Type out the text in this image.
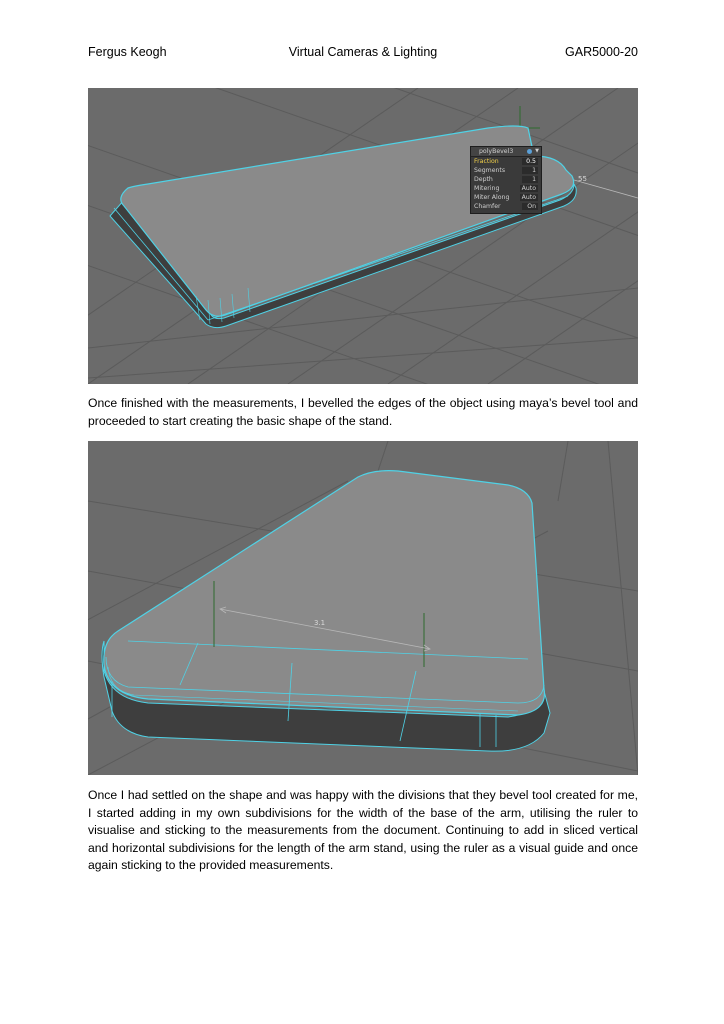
Fergus Keogh	Virtual Cameras & Lighting	GAR5000-20
55
polyBevel3	▼
Fraction	0.5
Segments	1
Depth	1
Mitering	Auto
Miter Along	Auto
Chamfer	On

Once finished with the measurements, I bevelled the edges of the object using maya’s bevel tool and proceeded to start creating the basic shape of the stand.

3.1

Once I had settled on the shape and was happy with the divisions that they bevel tool created for me, I started adding in my own subdivisions for the width of the base of the arm, utilising the ruler to visualise and sticking to the measurements from the document. Continuing to add in sliced vertical and horizontal subdivisions for the length of the arm stand, using the ruler as a visual guide and once again sticking to the provided measurements.
